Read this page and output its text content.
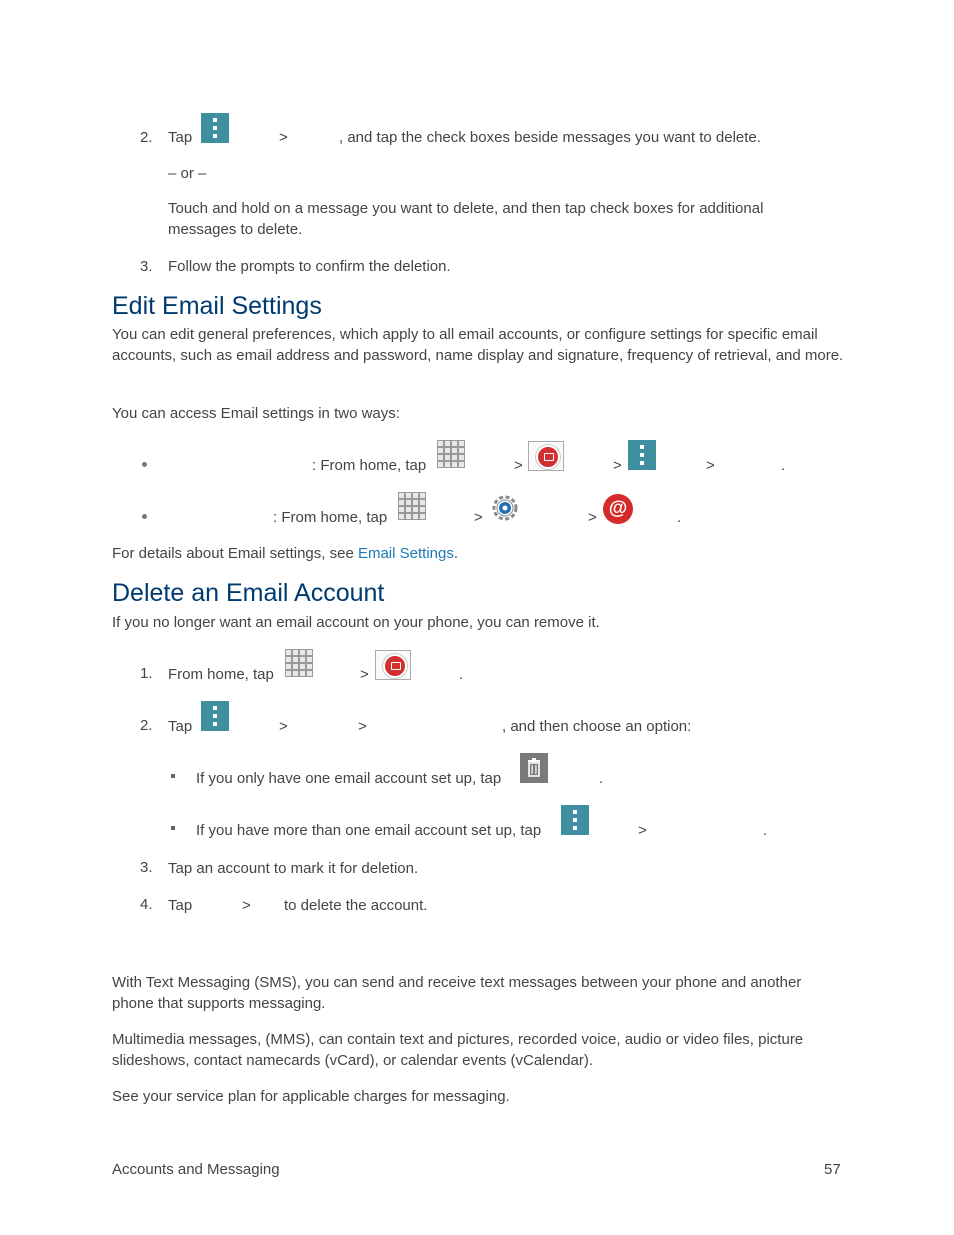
2. Tap	>	, and tap the check boxes beside messages you want to delete.
– or –
Touch and hold on a message you want to delete, and then tap check boxes for additional messages to delete.
3. Follow the prompts to confirm the deletion.
Edit Email Settings
You can edit general preferences, which apply to all email accounts, or configure settings for specific email accounts, such as email address and password, name display and signature, frequency of retrieval, and more.
You can access Email settings in two ways:
: From home, tap	>	>	>	.
: From home, tap	>	> @	.
For details about Email settings, see Email Settings.
Delete an Email Account
If you no longer want an email account on your phone, you can remove it.
1. From home, tap	>	.
2. Tap	>	>	, and then choose an option:
If you only have one email account set up, tap	.
If you have more than one email account set up, tap	>	.
3. Tap an account to mark it for deletion.
4. Tap	> to delete the account.
With Text Messaging (SMS), you can send and receive text messages between your phone and another phone that supports messaging.
Multimedia messages, (MMS), can contain text and pictures, recorded voice, audio or video files, picture slideshows, contact namecards (vCard), or calendar events (vCalendar).
See your service plan for applicable charges for messaging.
Accounts and Messaging	57
